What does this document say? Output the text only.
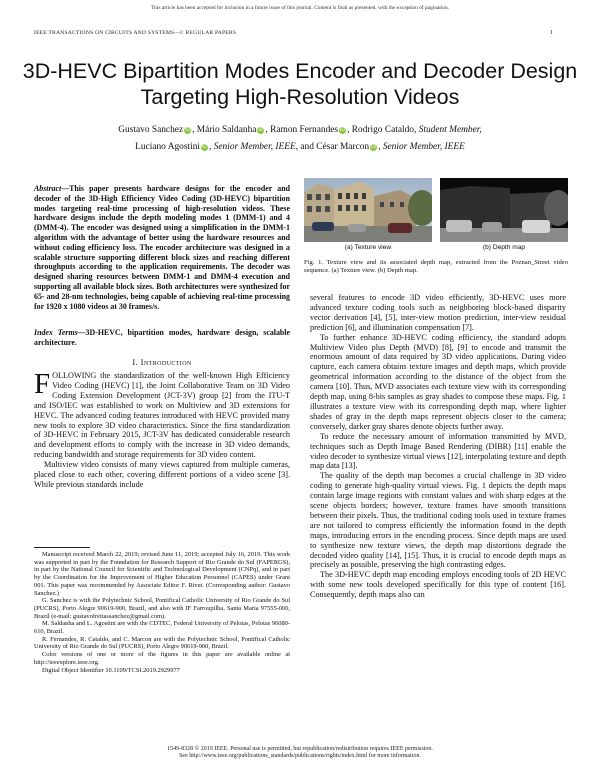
This article has been accepted for inclusion in a future issue of this journal. Content is final as presented, with the exception of pagination.
IEEE TRANSACTIONS ON CIRCUITS AND SYSTEMS—I: REGULAR PAPERS	1
3D-HEVC Bipartition Modes Encoder and Decoder Design Targeting High-Resolution Videos
Gustavo Sanchez iD , Mário Saldanha iD , Ramon Fernandes iD , Rodrigo Cataldo, Student Member,
Luciano Agostini iD , Senior Member, IEEE, and César Marcon iD , Senior Member, IEEE
Abstract—This paper presents hardware designs for the encoder and decoder of the 3D-High Efficiency Video Coding (3D-HEVC) bipartition modes targeting real-time processing of high-resolution videos. These hardware designs include the depth modeling modes 1 (DMM-1) and 4 (DMM-4). The encoder was designed using a simplification in the DMM-1 algorithm with the advantage of better using the hardware resources and without coding efficiency loss. The encoder architecture was designed in a scalable structure supporting different block sizes and reaching different throughputs according to the application requirements. The decoder was designed sharing resources between DMM-1 and DMM-4 execution and supporting all available block sizes. Both architectures were synthesized for 65- and 28-nm technologies, being capable of achieving real-time processing for 1920 x 1080 videos at 30 frames/s.
Index Terms—3D-HEVC, bipartition modes, hardware design, scalable architecture.
I. Introduction

FOLLOWING the standardization of the well-known High Efficiency Video Coding (HEVC) [1], the Joint Collaborative Team on 3D Video Coding Extension Development (JCT-3V) group [2] from the ITU-T and ISO/IEC was established to work on Multiview and 3D extensions for HEVC. The advanced coding features introduced with HEVC provided many new tools to explore 3D video characteristics. Since the first standardization of 3D-HEVC in February 2015, JCT-3V has dedicated considerable research and development efforts to comply with the increase in 3D video demands, reducing bandwidth and storage requirements for 3D video content.

Multiview video consists of many views captured from multiple cameras, placed close to each other, covering different portions of a video scene [3]. While previous standards include

Manuscript received March 22, 2019; revised June 11, 2019; accepted July 16, 2019. This work was supported in part by the Foundation for Research Support of Rio Grande do Sul (FAPERGS), in part by the National Council for Scientific and Technological Development (CNPq), and in part by the Coordination for the Improvement of Higher Education Personnel (CAPES) under Grant 001. This paper was recommended by Associate Editor F. Rivet. (Corresponding author: Gustavo Sanchez.)

G. Sanchez is with the Polytechnic School, Pontifical Catholic University of Rio Grande do Sul (PUCRS), Porto Alegre 90619-900, Brazil, and also with IF Farroupilha, Santa Maria 97555-000, Brazil (e-mail: gustavofreitassanchez@gmail.com).

M. Saldanha and L. Agostini are with the CDTEC, Federal University of Pelotas, Pelotas 96080-610, Brazil.

R. Fernandes, R. Cataldo, and C. Marcon are with the Polytechnic School, Pontifical Catholic University of Rio Grande do Sul (PUCRS), Porto Alegre 90619-900, Brazil.

Color versions of one or more of the figures in this paper are available online at http://ieeexplore.ieee.org.

Digital Object Identifier 10.1109/TCSI.2019.2929977

(a) Texture view	(b) Depth map
Fig. 1. Texture view and its associated depth map, extracted from the Poznan_Street video sequence. (a) Texture view. (b) Depth map.

several features to encode 3D video efficiently, 3D-HEVC uses more advanced texture coding tools such as neighboring block-based disparity vector derivation [4], [5], inter-view motion prediction, inter-view residual prediction [6], and illumination compensation [7].

To further enhance 3D-HEVC coding efficiency, the standard adopts Multiview Video plus Depth (MVD) [8], [9] to encode and transmit the enormous amount of data required by 3D video applications. During video capture, each camera obtains texture images and depth maps, which provide geometrical information according to the distance of the object from the camera [10]. Thus, MVD associates each texture view with its corresponding depth map, using 8-bis samples as gray shades to compose these maps. Fig. 1 illustrates a texture view with its corresponding depth map, where lighter shades of gray in the depth maps represent objects closer to the camera; conversely, darker gray shares denote objects further away.

To reduce the necessary amount of information transmitted by MVD, techniques such as Depth Image Based Rendering (DIBR) [11] enable the video decoder to synthesize virtual views [12], interpolating texture and depth map data [13].

The quality of the depth map becomes a crucial challenge in 3D video coding to generate high-quality virtual views. Fig. 1 depicts the depth maps contain large image regions with constant values and with sharp edges at the scene objects borders; however, texture frames have smooth transitions between their pixels. Thus, the traditional coding tools used in texture frames are not tailored to compress efficiently the information found in the depth maps, introducing errors in the encoding process. Since depth maps are used to synthesize new texture views, the depth map distortions degrade the decoded video quality [14], [15]. Thus, it is crucial to encode depth maps as precisely as possible, preserving the high contrasting edges.

The 3D-HEVC depth map encoding employs encoding tools of 2D HEVC with some new tools developed specifically for this type of content [16]. Consequently, depth maps also can

1549-8328 © 2019 IEEE. Personal use is permitted, but republication/redistribution requires IEEE permission.
See http://www.ieee.org/publications_standards/publications/rights/index.html for more information.
